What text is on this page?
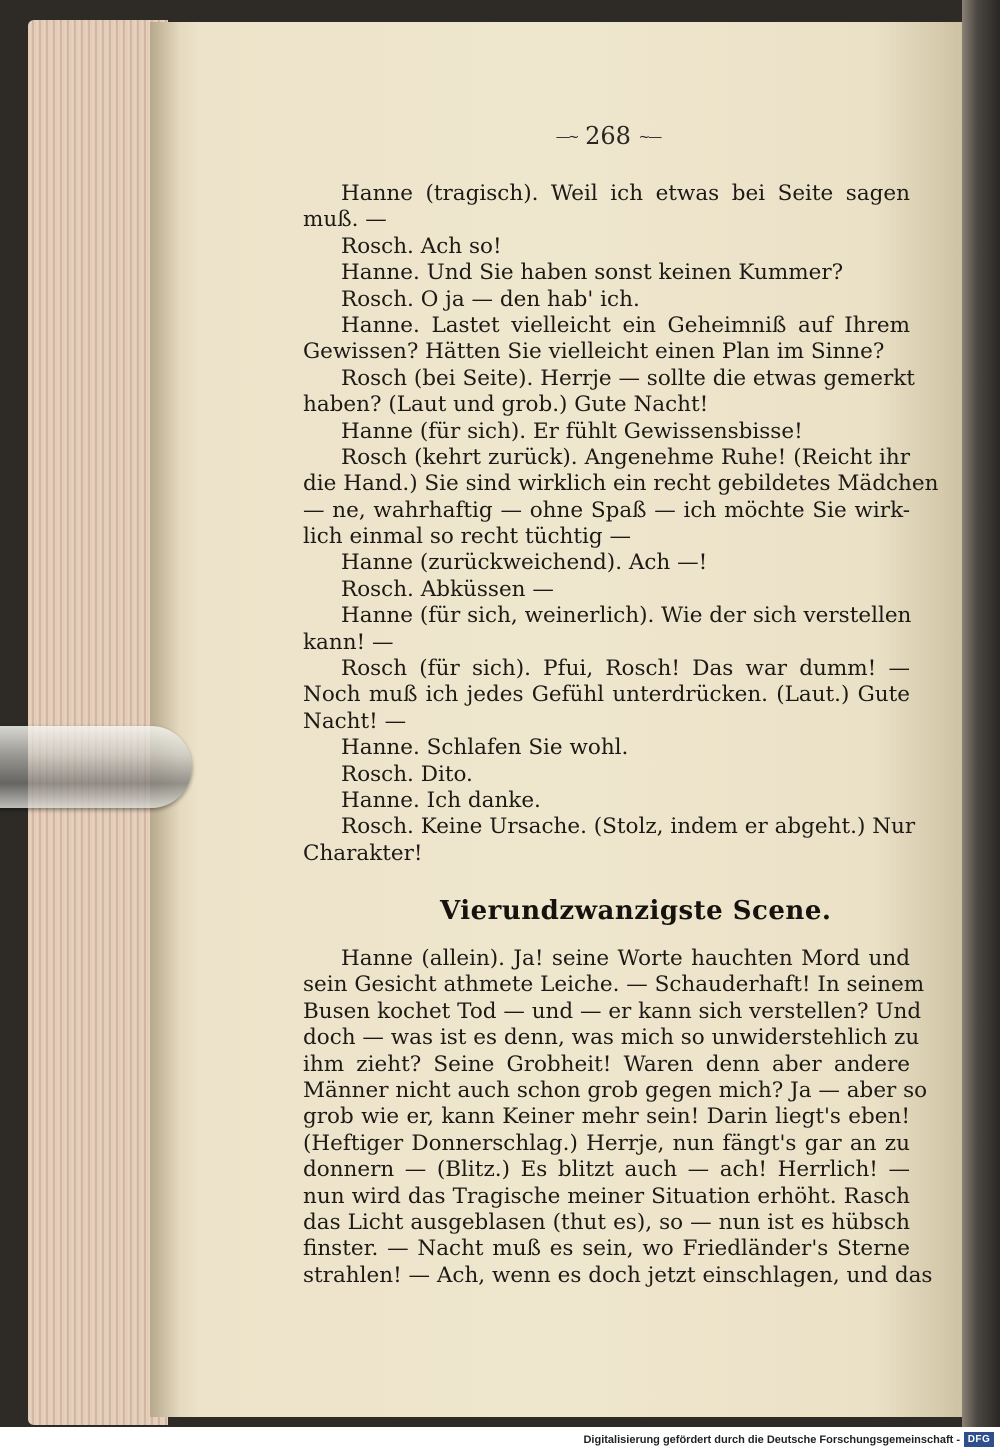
—~ 268 ~—
Hanne (tragisch). Weil ich etwas bei Seite sagen
muß. —
Rosch. Ach so!
Hanne. Und Sie haben sonst keinen Kummer?
Rosch. O ja — den hab' ich.
Hanne. Lastet vielleicht ein Geheimniß auf Ihrem
Gewissen? Hätten Sie vielleicht einen Plan im Sinne?
Rosch (bei Seite). Herrje — sollte die etwas gemerkt
haben? (Laut und grob.) Gute Nacht!
Hanne (für sich). Er fühlt Gewissensbisse!
Rosch (kehrt zurück). Angenehme Ruhe! (Reicht ihr
die Hand.) Sie sind wirklich ein recht gebildetes Mädchen
— ne, wahrhaftig — ohne Spaß — ich möchte Sie wirk-
lich einmal so recht tüchtig —
Hanne (zurückweichend). Ach —!
Rosch. Abküssen —
Hanne (für sich, weinerlich). Wie der sich verstellen
kann! —
Rosch (für sich). Pfui, Rosch! Das war dumm! —
Noch muß ich jedes Gefühl unterdrücken. (Laut.) Gute
Nacht! —
Hanne. Schlafen Sie wohl.
Rosch. Dito.
Hanne. Ich danke.
Rosch. Keine Ursache. (Stolz, indem er abgeht.) Nur
Charakter!
Vierundzwanzigste Scene.
Hanne (allein). Ja! seine Worte hauchten Mord und
sein Gesicht athmete Leiche. — Schauderhaft! In seinem
Busen kochet Tod — und — er kann sich verstellen? Und
doch — was ist es denn, was mich so unwiderstehlich zu
ihm zieht? Seine Grobheit! Waren denn aber andere
Männer nicht auch schon grob gegen mich? Ja — aber so
grob wie er, kann Keiner mehr sein! Darin liegt's eben!
(Heftiger Donnerschlag.) Herrje, nun fängt's gar an zu
donnern — (Blitz.) Es blitzt auch — ach! Herrlich! —
nun wird das Tragische meiner Situation erhöht. Rasch
das Licht ausgeblasen (thut es), so — nun ist es hübsch
finster. — Nacht muß es sein, wo Friedländer's Sterne
strahlen! — Ach, wenn es doch jetzt einschlagen, und das
Digitalisierung gefördert durch die Deutsche Forschungsgemeinschaft - DFG
